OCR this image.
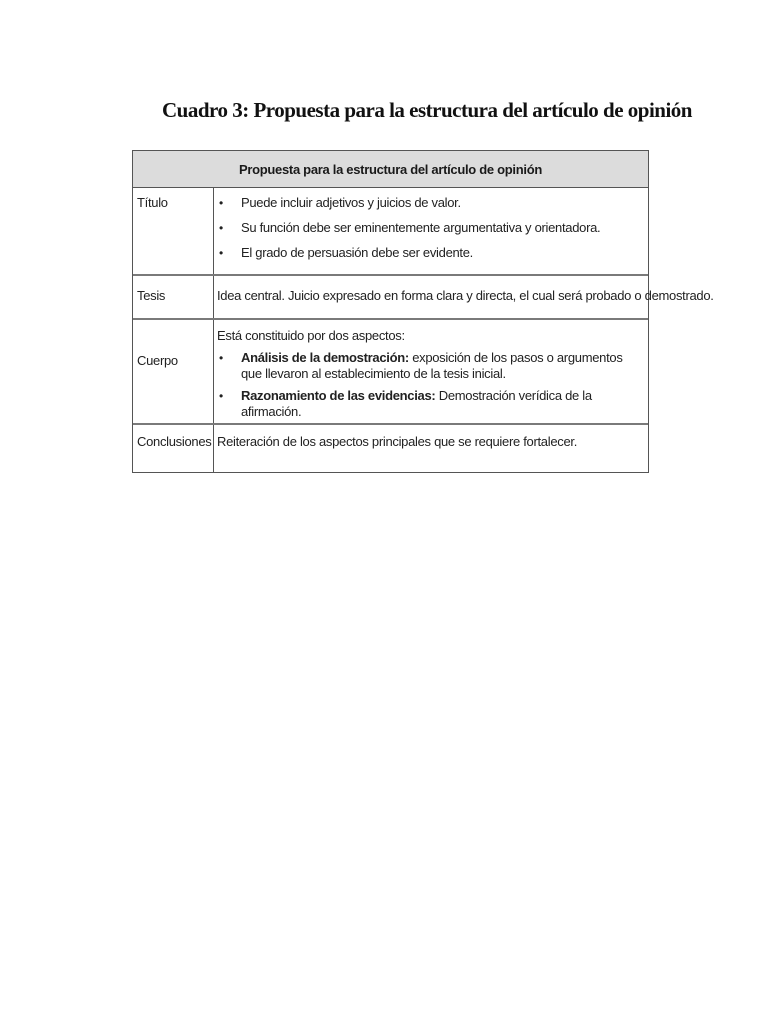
Cuadro 3: Propuesta para la estructura del artículo de opinión
Propuesta para la estructura del artículo de opinión
Título	• Puede incluir adjetivos y juicios de valor.

• Su función debe ser eminentemente argumentativa y orientadora.

• El grado de persuasión debe ser evidente.

Tesis	Idea central. Juicio expresado en forma clara y directa, el cual será probado o demostrado.
Cuerpo

Está constituido por dos aspectos:

• Análisis de la demostración: exposición de los pasos o argumentos que llevaron al establecimiento de la tesis inicial.

• Razonamiento de las evidencias: Demostración verídica de la afirmación.

Conclusiones Reiteración de los aspectos principales que se requiere fortalecer.
